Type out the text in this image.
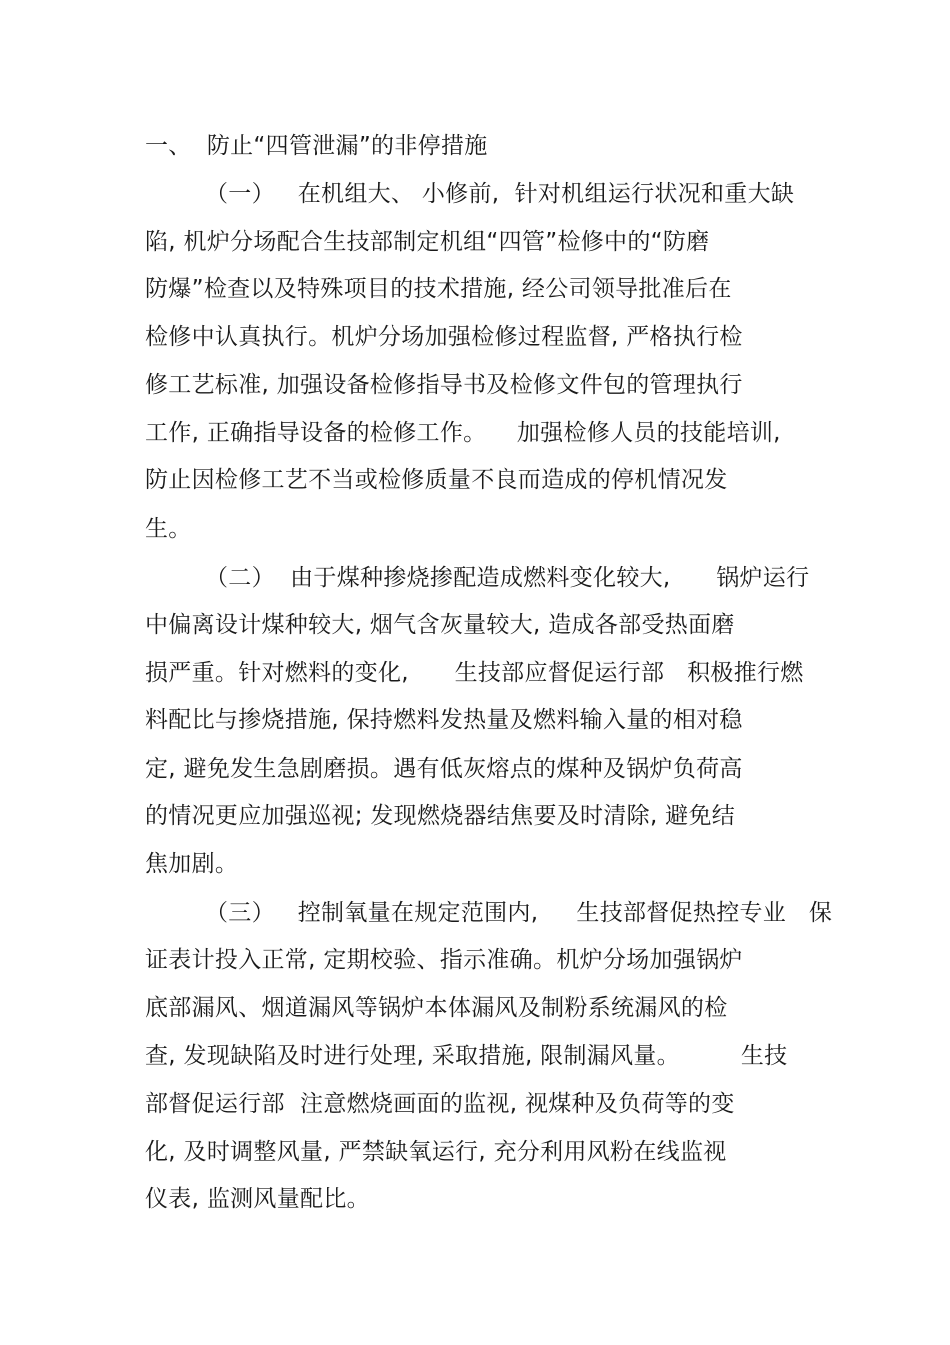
一、  防止“四管泄漏”的非停措施
（一）   在机组大、 小修前,  针对机组运行状况和重大缺
陷, 机炉分场配合生技部制定机组“四管”检修中的“防磨
防爆”检查以及特殊项目的技术措施, 经公司领导批准后在
检修中认真执行。机炉分场加强检修过程监督, 严格执行检
修工艺标准, 加强设备检修指导书及检修文件包的管理执行
工作, 正确指导设备的检修工作。    加强检修人员的技能培训,
防止因检修工艺不当或检修质量不良而造成的停机情况发
生。
（二）  由于煤种掺烧掺配造成燃料变化较大,      锅炉运行
中偏离设计煤种较大, 烟气含灰量较大, 造成各部受热面磨
损严重。针对燃料的变化,      生技部应督促运行部   积极推行燃
料配比与掺烧措施, 保持燃料发热量及燃料输入量的相对稳
定, 避免发生急剧磨损。遇有低灰熔点的煤种及锅炉负荷高
的情况更应加强巡视; 发现燃烧器结焦要及时清除, 避免结
焦加剧。
（三）   控制氧量在规定范围内,     生技部督促热控专业   保
证表计投入正常, 定期校验、指示准确。机炉分场加强锅炉
底部漏风、烟道漏风等锅炉本体漏风及制粉系统漏风的检
查, 发现缺陷及时进行处理, 采取措施, 限制漏风量。        生技
部督促运行部  注意燃烧画面的监视, 视煤种及负荷等的变
化, 及时调整风量, 严禁缺氧运行, 充分利用风粉在线监视
仪表, 监测风量配比。
